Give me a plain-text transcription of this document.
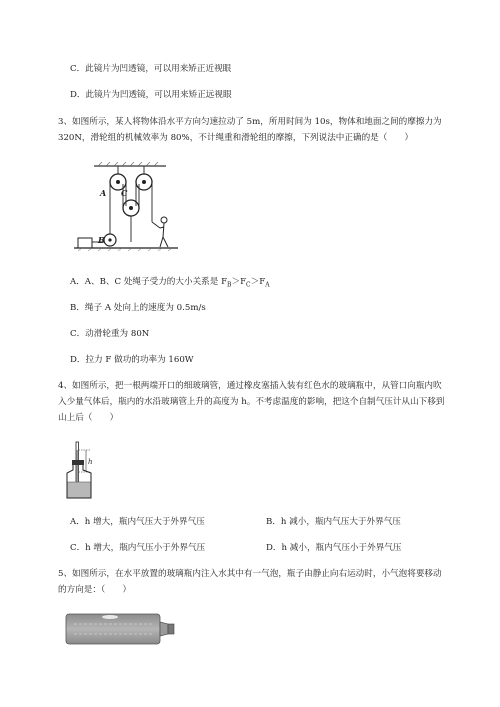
C．此镜片为凹透镜，可以用来矫正近视眼
D．此镜片为凹透镜，可以用来矫正远视眼
3、如图所示，某人将物体沿水平方向匀速拉动了 5m，所用时间为 10s，物体和地面之间的摩擦力为
320N，滑轮组的机械效率为 80%，不计绳重和滑轮组的摩擦，下列说法中正确的是（　　）
A C
B
A．A、B、C 处绳子受力的大小关系是 $F_B>F_C>F_A$
B．绳子 A 处向上的速度为 0.5m/s
C．动滑轮重为 80N
D．拉力 F 做功的功率为 160W
4、如图所示，把一根两端开口的细玻璃管，通过橡皮塞插入装有红色水的玻璃瓶中，从管口向瓶内吹
入少量气体后，瓶内的水沿玻璃管上升的高度为 h。不考虑温度的影响，把这个自制气压计从山下移到
山上后（　　）
h
A．h 增大，瓶内气压大于外界气压	B．h 减小，瓶内气压大于外界气压
C．h 增大，瓶内气压小于外界气压	D．h 减小，瓶内气压小于外界气压
5、如图所示，在水平放置的玻璃瓶内注入水其中有一气泡，瓶子由静止向右运动时，小气泡将要移动
的方向是：（　　）
